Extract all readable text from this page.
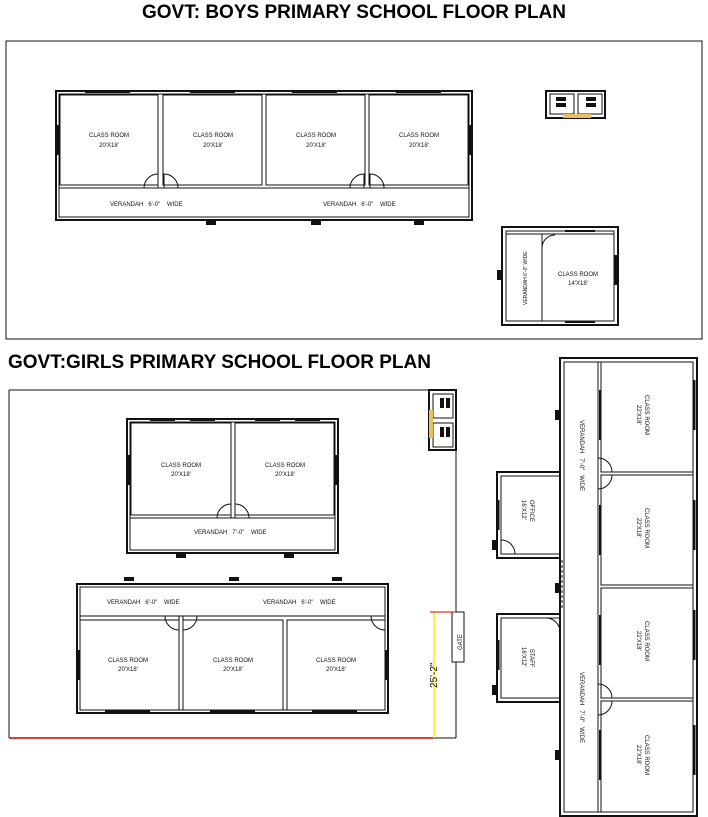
GOVT: BOYS PRIMARY SCHOOL FLOOR PLAN
GOVT:GIRLS PRIMARY SCHOOL FLOOR PLAN
CLASS ROOM
20'X18'
CLASS ROOM
20'X18'
CLASS ROOM
20'X18'
CLASS ROOM
20'X18'
VERANDAH   6'-0"    WIDE	VERANDAH   6'-0"    WIDE
CLASS ROOM
14'X18'
VERANDAH 6'-0" WIDE
CLASS ROOM
20'X18'
CLASS ROOM
20'X18'
VERANDAH   7'-0"    WIDE
VERANDAH   6'-0"    WIDE	VERANDAH   6'-0"    WIDE
CLASS ROOM
20'X18'
CLASS ROOM
20'X18'
CLASS ROOM
20'X18'	25'-2"
GATE
VERANDAH   7'-0"   WIDE
VERANDAH   7'-0"   WIDE
CLASS ROOM
22'X18'
CLASS ROOM
22'X18'
CLASS ROOM
22'X18'
CLASS ROOM
22'X18'
OFFICE
16'X12'
STAFF
16'X12'
